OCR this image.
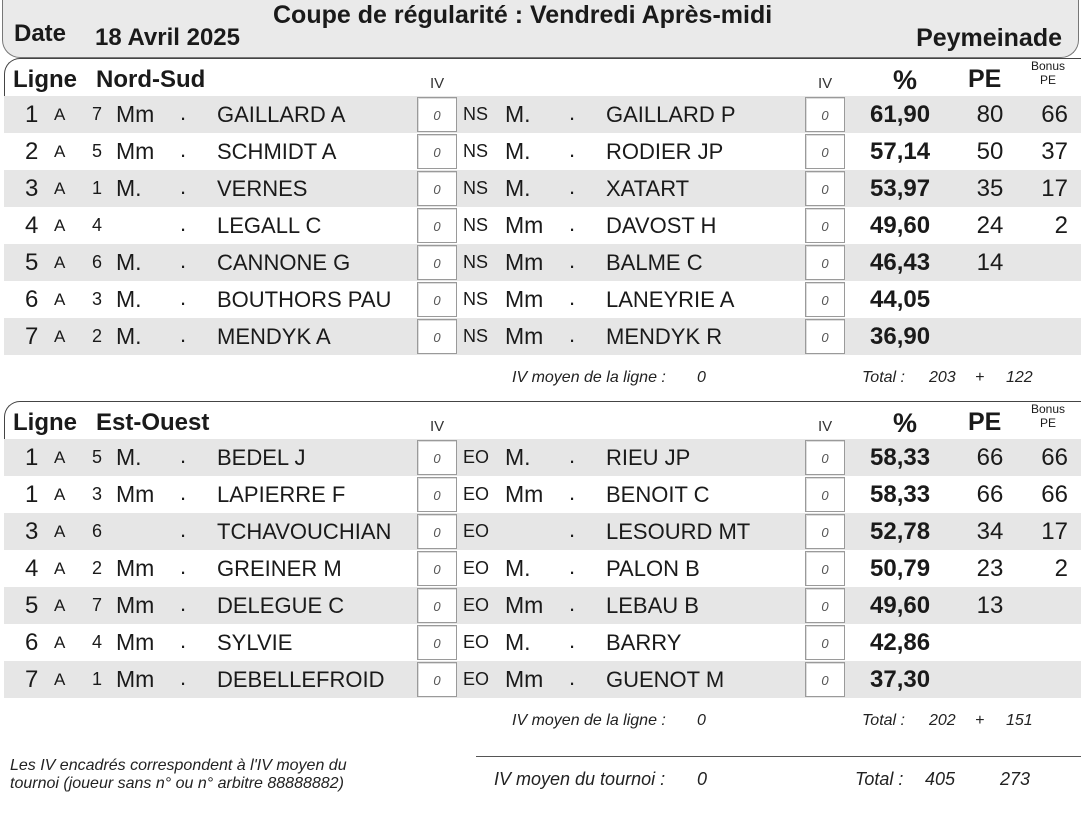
Date 18 Avril 2025
Coupe de régularité : Vendredi Après-midi
Peymeinade
Ligne Nord-Sud	IV	IV % PE	Bonus
PE
1 A 7 Mm . GAILLARD A	0	NS M. . GAILLARD P	0	61,90 80	66
2 A 5 Mm . SCHMIDT A	0	NS M. . RODIER JP	0	57,14 50	37
3 A 1 M. . VERNES	0	NS M. . XATART	0	53,97 35	17
4 A 4	. LEGALL C	0	NS Mm . DAVOST H	0	49,60 24	2
5 A 6 M. . CANNONE G	0	NS Mm . BALME C	0	46,43 14
6 A 3 M. . BOUTHORS PAU	0	NS Mm . LANEYRIE A	0	44,05
7 A 2 M. . MENDYK A	0	NS Mm . MENDYK R	0	36,90
IV moyen de la ligne : 0	Total : 203 + 122
Ligne Est-Ouest	IV	IV % PE	Bonus
PE
1 A 5 M. . BEDEL J	0	EO M. . RIEU JP	0	58,33 66	66
1 A 3 Mm . LAPIERRE F	0	EO Mm . BENOIT C	0	58,33 66	66
3 A 6	. TCHAVOUCHIAN	0	EO	. LESOURD MT	0	52,78 34	17
4 A 2 Mm . GREINER M	0	EO M. . PALON B	0	50,79 23	2
5 A 7 Mm . DELEGUE C	0	EO Mm . LEBAU B	0	49,60 13
6 A 4 Mm . SYLVIE	0	EO M. . BARRY	0	42,86
7 A 1 Mm . DEBELLEFROID	0	EO Mm . GUENOT M	0	37,30
IV moyen de la ligne : 0	Total : 202 + 151
Les IV encadrés correspondent à l'IV moyen du
tournoi (joueur sans n° ou n° arbitre 88888882)	IV moyen du tournoi : 0	Total : 405 273
